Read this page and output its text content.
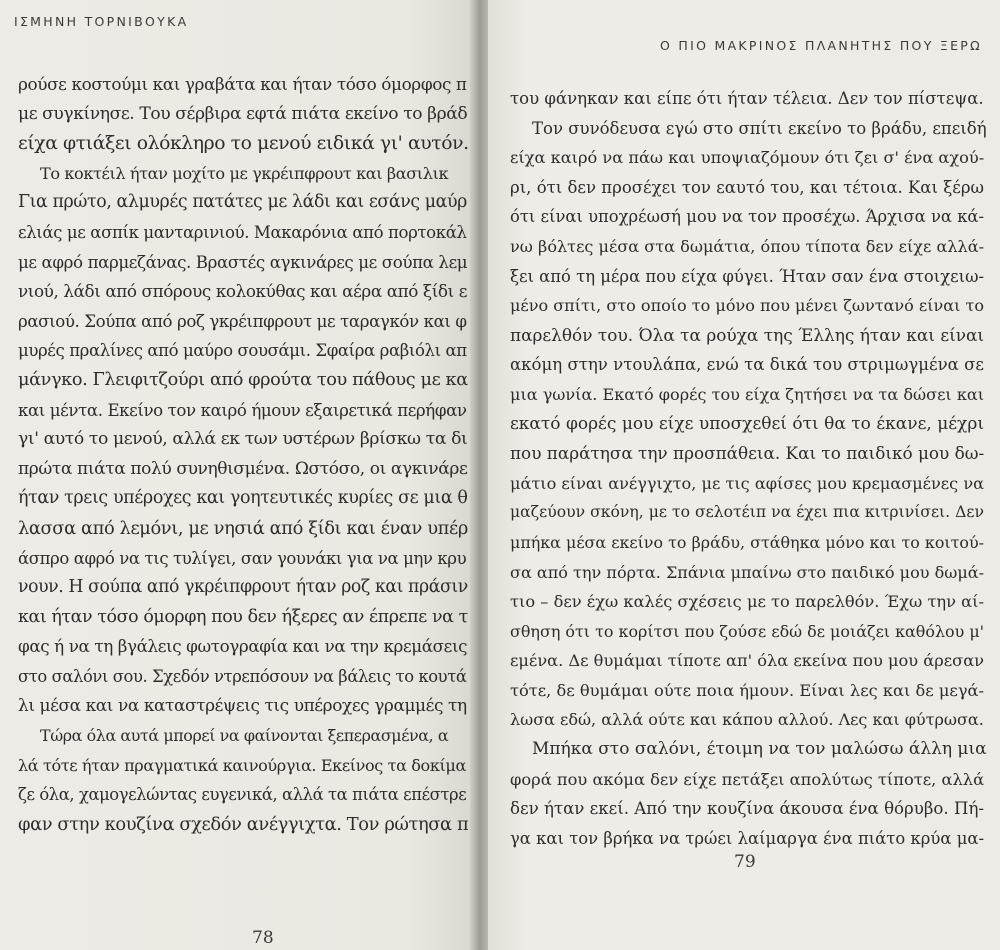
ΙΣΜΗΝΗ ΤΟΡΝΙΒΟΥΚΑ
ρούσε κοστούμι και γραβάτα και ήταν τόσο όμορφος π
με συγκίνησε. Του σέρβιρα εφτά πιάτα εκείνο το βράδ
είχα φτιάξει ολόκληρο το μενού ειδικά γι' αυτόν.
Το κοκτέιλ ήταν μοχίτο με γκρέιπφρουτ και βασιλικ
Για πρώτο, αλμυρές πατάτες με λάδι και εσάνς μαύρ
ελιάς με ασπίκ μανταρινιού. Μακαρόνια από πορτοκάλ
με αφρό παρμεζάνας. Βραστές αγκινάρες με σούπα λεμ
νιού, λάδι από σπόρους κολοκύθας και αέρα από ξίδι ε
ρασιού. Σούπα από ροζ γκρέιπφρουτ με ταραγκόν και φ
μυρές πραλίνες από μαύρο σουσάμι. Σφαίρα ραβιόλι απ
μάνγκο. Γλειφιτζούρι από φρούτα του πάθους με κα
και μέντα. Εκείνο τον καιρό ήμουν εξαιρετικά περήφαν
γι' αυτό το μενού, αλλά εκ των υστέρων βρίσκω τα δι
πρώτα πιάτα πολύ συνηθισμένα. Ωστόσο, οι αγκινάρε
ήταν τρεις υπέροχες και γοητευτικές κυρίες σε μια θ
λασσα από λεμόνι, με νησιά από ξίδι και έναν υπέρ
άσπρο αφρό να τις τυλίγει, σαν γουνάκι για να μην κρυ
νουν. Η σούπα από γκρέιπφρουτ ήταν ροζ και πράσιν
και ήταν τόσο όμορφη που δεν ήξερες αν έπρεπε να τ
φας ή να τη βγάλεις φωτογραφία και να την κρεμάσεις
στο σαλόνι σου. Σχεδόν ντρεπόσουν να βάλεις το κουτά
λι μέσα και να καταστρέψεις τις υπέροχες γραμμές τη
Τώρα όλα αυτά μπορεί να φαίνονται ξεπερασμένα, α
λά τότε ήταν πραγματικά καινούργια. Εκείνος τα δοκίμα
ζε όλα, χαμογελώντας ευγενικά, αλλά τα πιάτα επέστρε
φαν στην κουζίνα σχεδόν ανέγγιχτα. Τον ρώτησα π
78
Ο ΠΙΟ ΜΑΚΡΙΝΟΣ ΠΛΑΝΗΤΗΣ ΠΟΥ ΞΕΡΩ
του φάνηκαν και είπε ότι ήταν τέλεια. Δεν τον πίστεψα.
Τον συνόδευσα εγώ στο σπίτι εκείνο το βράδυ, επειδή
είχα καιρό να πάω και υποψιαζόμουν ότι ζει σ' ένα αχού-
ρι, ότι δεν προσέχει τον εαυτό του, και τέτοια. Και ξέρω
ότι είναι υποχρέωσή μου να τον προσέχω. Άρχισα να κά-
νω βόλτες μέσα στα δωμάτια, όπου τίποτα δεν είχε αλλά-
ξει από τη μέρα που είχα φύγει. Ήταν σαν ένα στοιχειω-
μένο σπίτι, στο οποίο το μόνο που μένει ζωντανό είναι το
παρελθόν του. Όλα τα ρούχα της Έλλης ήταν και είναι
ακόμη στην ντουλάπα, ενώ τα δικά του στριμωγμένα σε
μια γωνία. Εκατό φορές του είχα ζητήσει να τα δώσει και
εκατό φορές μου είχε υποσχεθεί ότι θα το έκανε, μέχρι
που παράτησα την προσπάθεια. Και το παιδικό μου δω-
μάτιο είναι ανέγγιχτο, με τις αφίσες μου κρεμασμένες να
μαζεύουν σκόνη, με το σελοτέιπ να έχει πια κιτρινίσει. Δεν
μπήκα μέσα εκείνο το βράδυ, στάθηκα μόνο και το κοιτού-
σα από την πόρτα. Σπάνια μπαίνω στο παιδικό μου δωμά-
τιο – δεν έχω καλές σχέσεις με το παρελθόν. Έχω την αί-
σθηση ότι το κορίτσι που ζούσε εδώ δε μοιάζει καθόλου μ'
εμένα. Δε θυμάμαι τίποτε απ' όλα εκείνα που μου άρεσαν
τότε, δε θυμάμαι ούτε ποια ήμουν. Είναι λες και δε μεγά-
λωσα εδώ, αλλά ούτε και κάπου αλλού. Λες και φύτρωσα.
Μπήκα στο σαλόνι, έτοιμη να τον μαλώσω άλλη μια
φορά που ακόμα δεν είχε πετάξει απολύτως τίποτε, αλλά
δεν ήταν εκεί. Από την κουζίνα άκουσα ένα θόρυβο. Πή-
γα και τον βρήκα να τρώει λαίμαργα ένα πιάτο κρύα μα-
79
